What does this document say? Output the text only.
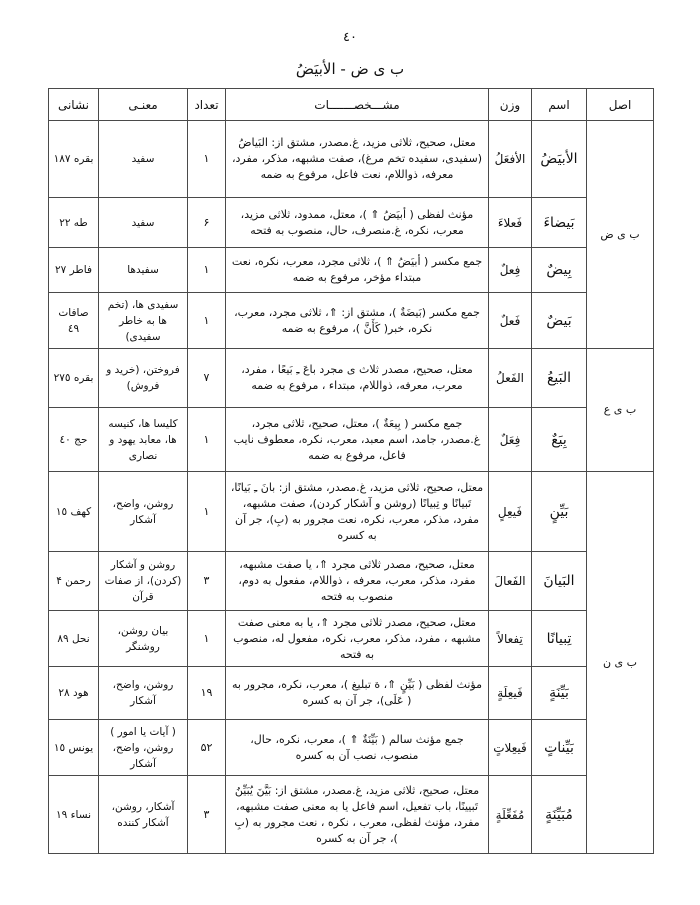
٤٠
ب ی ض - الأبیَضُ
اصل	اسم	وزن	مشـــخصـــــــات	تعداد	معنـی	نشانی
ب ی ض	الأبیَضُ	الأفعَلُ	معتل، صحیح، ثلاثی مزید، غ.مصدر، مشتق از: البَیاضُ (سفیدی، سفیده تخم مرغ)، صفت مشبهه، مذکر، مفرد، معرفه، ذواللام، نعت فاعل، مرفوع به ضمه	١	سفید	بقره ١٨٧
	بَیضاءَ	فَعلاءَ	مؤنث لفظی ( أبیَضُ ⇑ )، معتل، ممدود، ثلاثی مزید، معرب، نکره، غ.منصرف، حال، منصوب به فتحه	۶	سفید	طه ٢٢
	بِیضٌ	فِعلٌ	جمع مکسر ( أبیَضُ ⇑ )، ثلاثی مجرد، معرب، نکره، نعت مبتداء مؤخر، مرفوع به ضمه	١	سفیدها	فاطر ٢٧
	بَیضٌ	فَعلٌ	جمع مکسر (بَیضَةٌ )، مشتق از: ⇑، ثلاثی مجرد، معرب، نکره، خبر( کَأَنَّ )، مرفوع به ضمه	١	سفیدی ها، (تخم ها به خاطر سفیدی)	صافات ٤٩
ب ی ع	البَیعُ	الفَعلُ	معتل، صحیح، مصدر ثلاث ی مجرد باعَ ـِ بَیعًا ، مفرد، معرب، معرفه، ذواللام، مبتداء ، مرفوع به ضمه	٧	فروختن، (خرید و فروش)	بقره ٢٧٥
	بِیَعٌ	فِعَلٌ	جمع مکسر ( بِیعَةٌ )، معتل، صحیح، ثلاثی مجرد، غ.مصدر، جامد، اسم معبد، معرب، نکره، معطوف نایب فاعل، مرفوع به ضمه	١	کلیسا ها، کنیسه ها، معابد یهود و نصاری	حج ٤٠
ب ی ن	بَیِّنٍ	فَیعِلٍ	معتل، صحیح، ثلاثی مزید، غ.مصدر، مشتق از: بانَ ـِ بَیانًا، تَبیانًا و تِبیانًا (روشن و آشکار کردن)، صفت مشبهه، مفرد، مذکر، معرب، نکره، نعت مجرور به (بِ)، جر آن به کسره	١	روشن، واضح، آشکار	کهف ١٥
	البَیانَ	الفَعالَ	معتل، صحیح، مصدر ثلاثی مجرد ⇑، یا صفت مشبهه، مفرد، مذکر، معرب، معرفه ، ذواللام، مفعول به دوم، منصوب به فتحه	٣	روشن و آشکار (کردن)، از صفات قرآن	رحمن ۴
	تِبیانًا	تِفعالاً	معتل، صحیح، مصدر ثلاثی مجرد ⇑، یا به معنی صفت مشبهه ، مفرد، مذکر، معرب، نکره، مفعول له، منصوب به فتحه	١	بیان روشن، روشنگر	نحل ٨٩
	بَیِّنَةٍ	فَیعِلَةٍ	مؤنث لفظی ( بَیِّنٍ ⇑، ة تبلیغ )، معرب، نکره، مجرور به ( عَلَی)، جر آن به کسره	١٩	روشن، واضح، آشکار	هود ٢٨
	بَیِّناتٍ	فَیعِلاتٍ	جمع مؤنث سالم ( بَیِّنَةٌ ⇑ )، معرب، نکره، حال، منصوب، نصب آن به کسره	۵٢	( آیات یا امور ) روشن، واضح، آشکار	یونس ١٥
	مُبَیِّنَةٍ	مُفَعِّلَةٍ	معتل، صحیح، ثلاثی مزید، غ.مصدر، مشتق از: بَیَّنَ یُبَیِّنُ تَبیینًا، باب تفعیل، اسم فاعل یا به معنی صفت مشبهه، مفرد، مؤنث لفظی، معرب ، نکره ، نعت مجرور به (بِ )، جر آن به کسره	٣	آشکار، روشن، آشکار کننده	نساء ١٩
